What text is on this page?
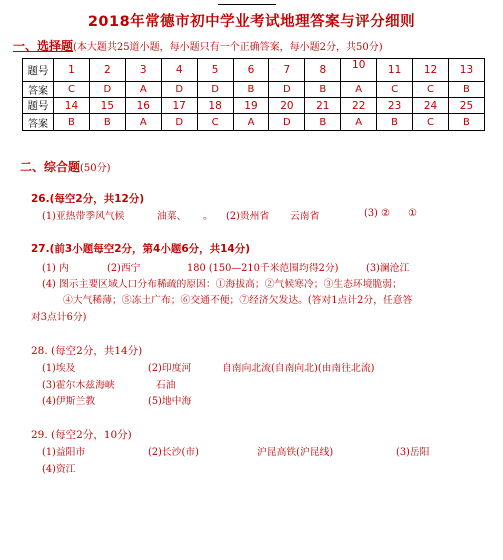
2018年常德市初中学业考试地理答案与评分细则
一、选择题(本大题共25道小题，每小题只有一个正确答案，每小题2分，共50分)
题号	1	2	3	4	5	6	7	8	10	11	12	13
答案	C	D	A	D	D	B	D	B	A	C	C	B
题号	14	15	16	17	18	19	20	21	22	23	24	25
答案	B	B	A	D	C	A	D	B	A	B	C	B
二、综合题(50分)
26.(每空2分，共12分)
(1)亚热带季风气候	油菜、 。 (2)贵州省 云南省	(3) ② ①
27.(前3小题每空2分，第4小题6分，共14分)
(1) 内	(2)西宁	180 (150—210千米范围均得2分)	(3)澜沧江
(4) 图示主要区域人口分布稀疏的原因：①海拔高；②气候寒冷；③生态环境脆弱；
④大气稀薄；⑤冻土广布；⑥交通不便；⑦经济欠发达。(答对1点计2分，任意答
对3点计6分)
28. (每空2分，共14分)
(1)埃及	(2)印度河	自南向北流(自南向北)(由南往北流)
(3)霍尔木兹海峡	石油
(4)伊斯兰教	(5)地中海
29. (每空2分，10分)
(1)益阳市	(2)长沙(市)	沪昆高铁(沪昆线)	(3)岳阳
(4)资江
